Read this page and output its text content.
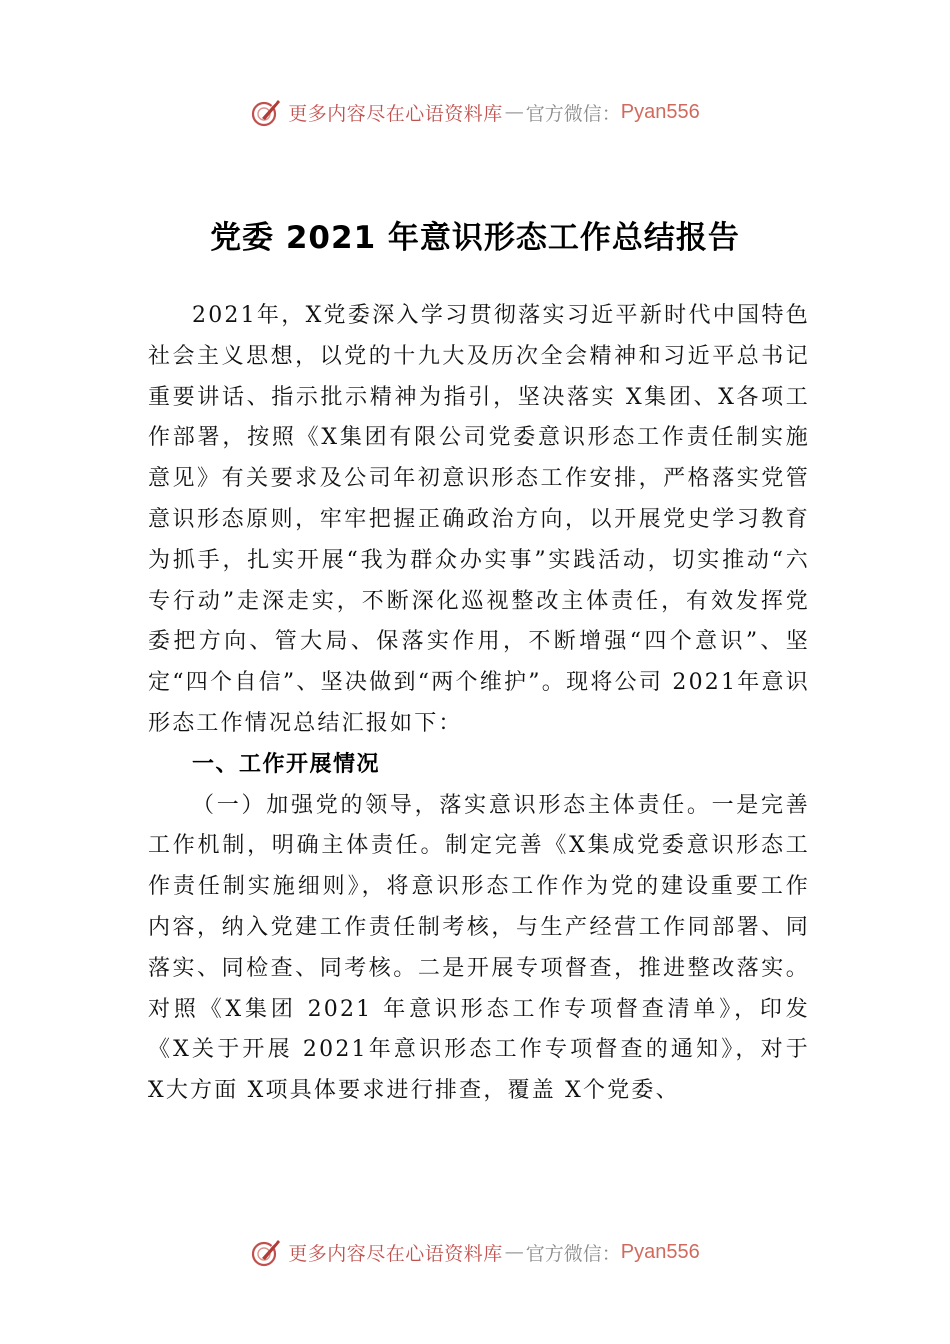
更多内容尽在心语资料库 — 官方微信： Pyan556
党委 2021 年意识形态工作总结报告

2021年，X党委深入学习贯彻落实习近平新时代中国特色社会主义思想，以党的十九大及历次全会精神和习近平总书记重要讲话、指示批示精神为指引，坚决落实 X集团、X各项工作部署，按照《X集团有限公司党委意识形态工作责任制实施意见》有关要求及公司年初意识形态工作安排，严格落实党管意识形态原则，牢牢把握正确政治方向，以开展党史学习教育为抓手，扎实开展“我为群众办实事”实践活动，切实推动“六专行动”走深走实，不断深化巡视整改主体责任，有效发挥党委把方向、管大局、保落实作用，不断增强“四个意识”、坚定“四个自信”、坚决做到“两个维护”。现将公司 2021年意识形态工作情况总结汇报如下：

一、工作开展情况

（一）加强党的领导，落实意识形态主体责任。一是完善工作机制，明确主体责任。制定完善《X集成党委意识形态工作责任制实施细则》，将意识形态工作作为党的建设重要工作内容，纳入党建工作责任制考核，与生产经营工作同部署、同落实、同检查、同考核。二是开展专项督查，推进整改落实。对照《X集团 2021 年意识形态工作专项督查清单》，印发《X关于开展 2021年意识形态工作专项督查的通知》，对于 X大方面 X项具体要求进行排查，覆盖 X个党委、

更多内容尽在心语资料库 — 官方微信： Pyan556
